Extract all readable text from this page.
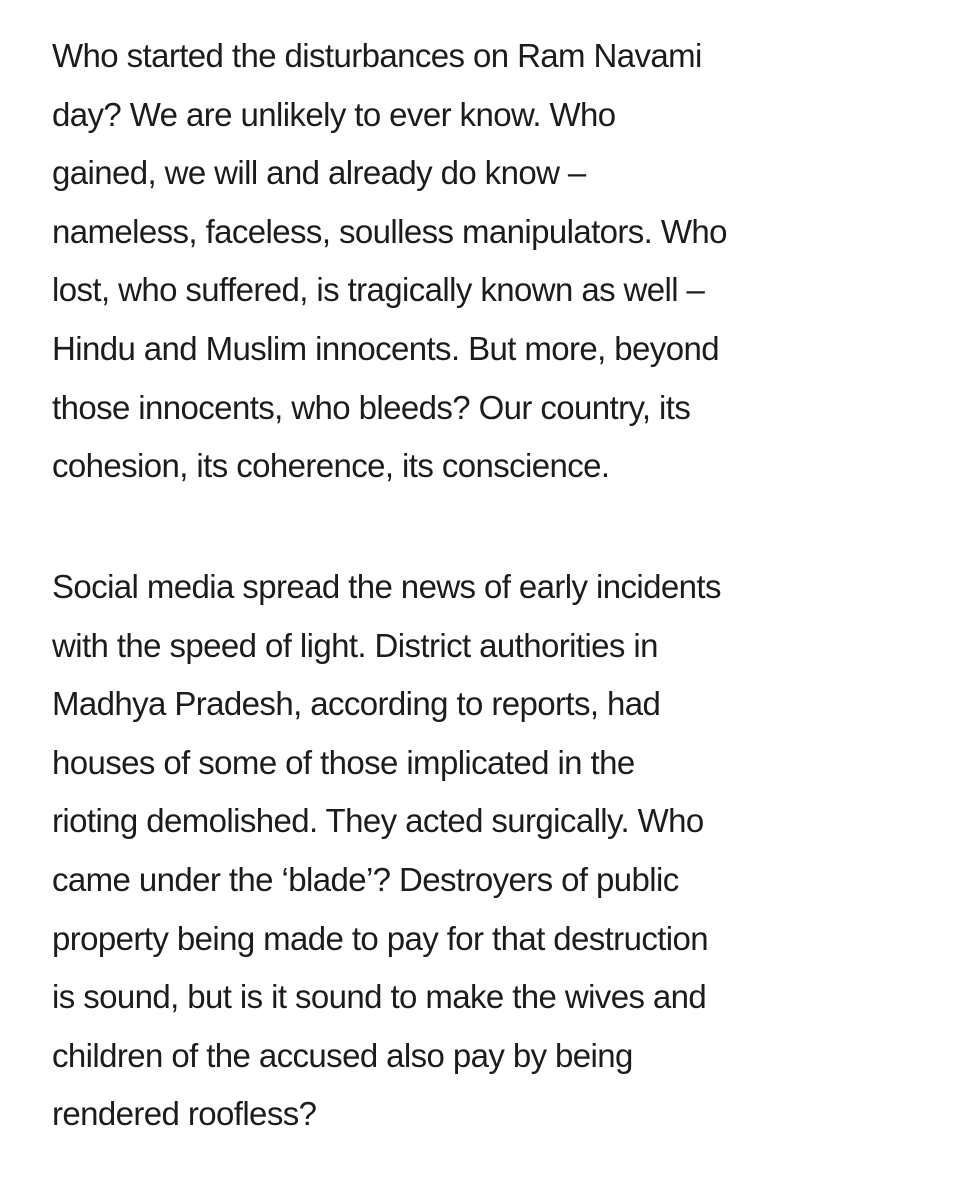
Who started the disturbances on Ram Navami
day? We are unlikely to ever know. Who
gained, we will and already do know –
nameless, faceless, soulless manipulators. Who
lost, who suffered, is tragically known as well –
Hindu and Muslim innocents. But more, beyond
those innocents, who bleeds? Our country, its
cohesion, its coherence, its conscience.

Social media spread the news of early incidents
with the speed of light. District authorities in
Madhya Pradesh, according to reports, had
houses of some of those implicated in the
rioting demolished. They acted surgically. Who
came under the ‘blade’? Destroyers of public
property being made to pay for that destruction
is sound, but is it sound to make the wives and
children of the accused also pay by being
rendered roofless?
